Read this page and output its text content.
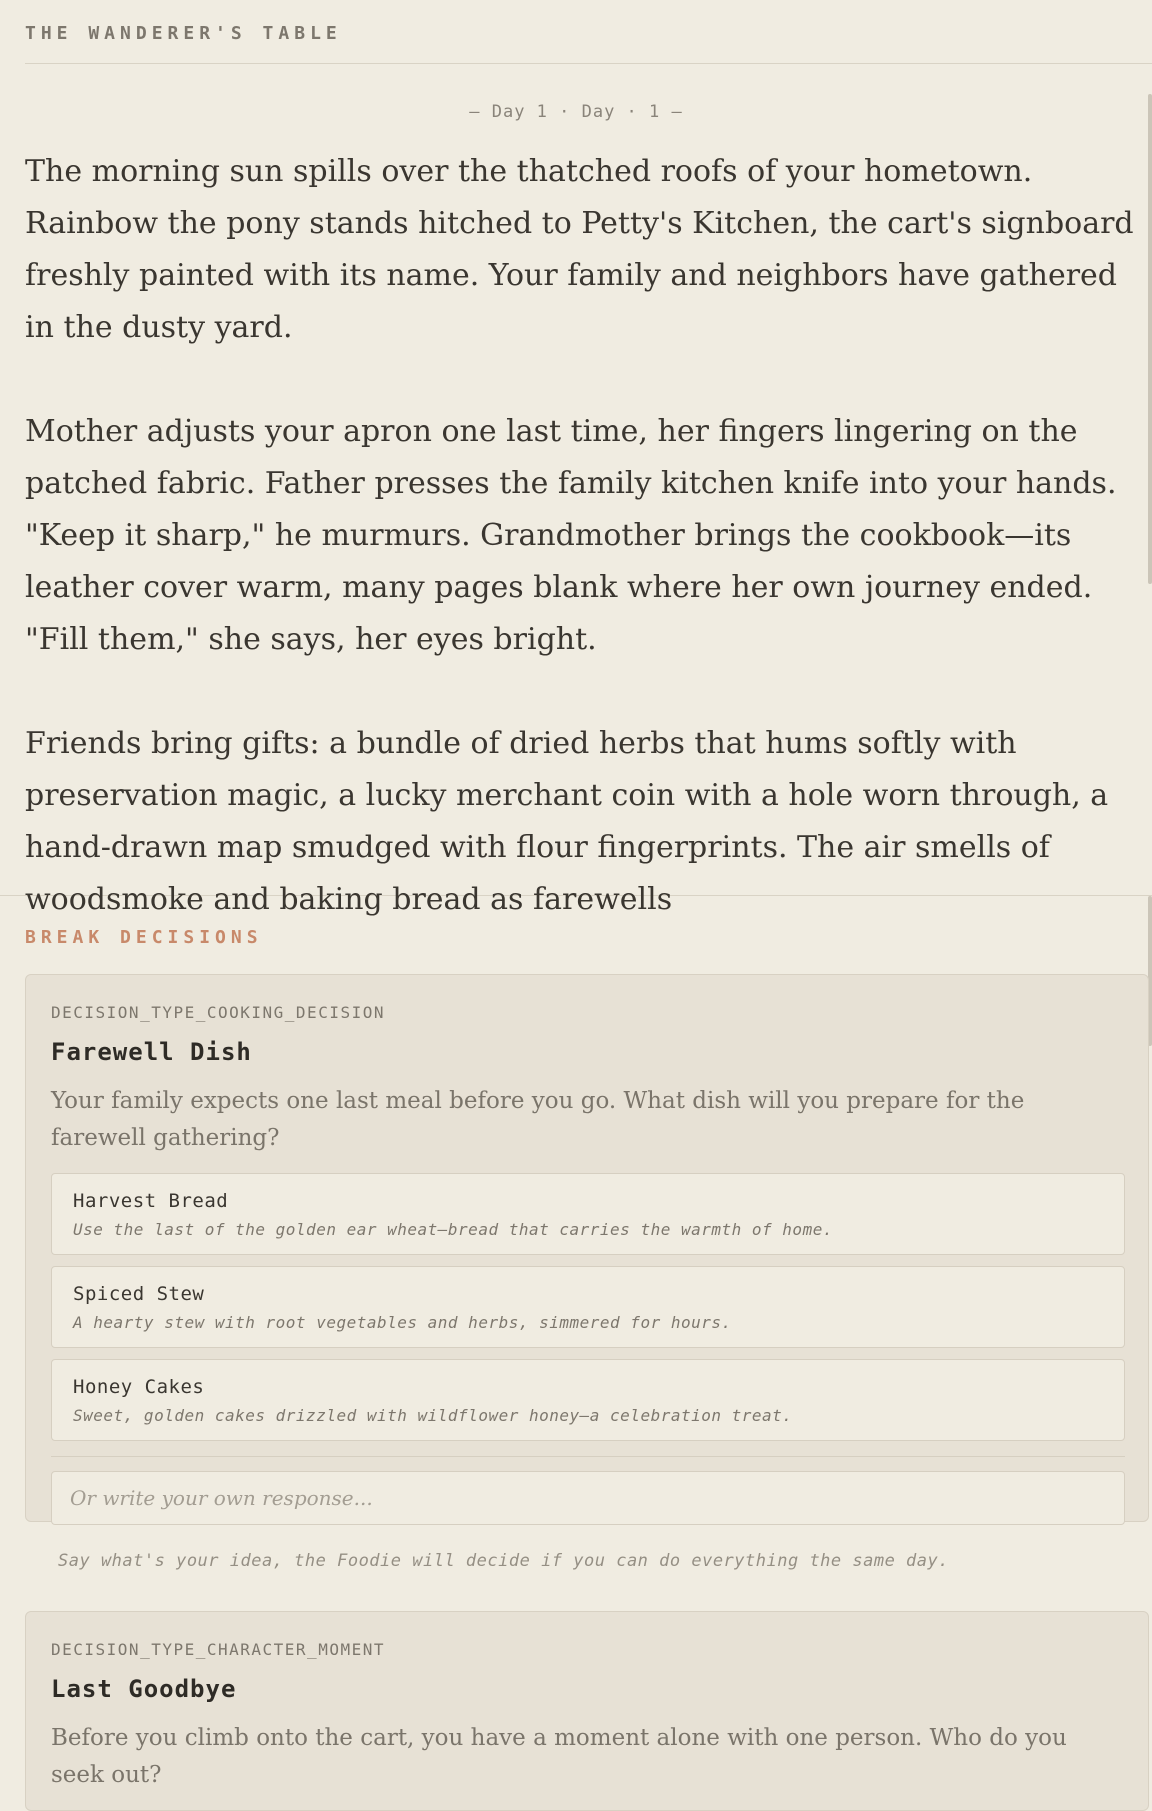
THE WANDERER'S TABLE
— Day 1 · Day · 1 —

The morning sun spills over the thatched roofs of your hometown. Rainbow the pony stands hitched to Petty's Kitchen, the cart's signboard freshly painted with its name. Your family and neighbors have gathered in the dusty yard.

Mother adjusts your apron one last time, her fingers lingering on the patched fabric. Father presses the family kitchen knife into your hands. "Keep it sharp," he murmurs. Grandmother brings the cookbook—its leather cover warm, many pages blank where her own journey ended. "Fill them," she says, her eyes bright.

Friends bring gifts: a bundle of dried herbs that hums softly with preservation magic, a lucky merchant coin with a hole worn through, a hand-drawn map smudged with flour fingerprints. The air smells of woodsmoke and baking bread as farewells

BREAK DECISIONS
DECISION_TYPE_COOKING_DECISION
Farewell Dish
Your family expects one last meal before you go. What dish will you prepare for the farewell gathering?
Harvest Bread
Use the last of the golden ear wheat—bread that carries the warmth of home.
Spiced Stew
A hearty stew with root vegetables and herbs, simmered for hours.
Honey Cakes
Sweet, golden cakes drizzled with wildflower honey—a celebration treat.
Or write your own response...
Say what's your idea, the Foodie will decide if you can do everything the same day.
DECISION_TYPE_CHARACTER_MOMENT
Last Goodbye
Before you climb onto the cart, you have a moment alone with one person. Who do you seek out?
